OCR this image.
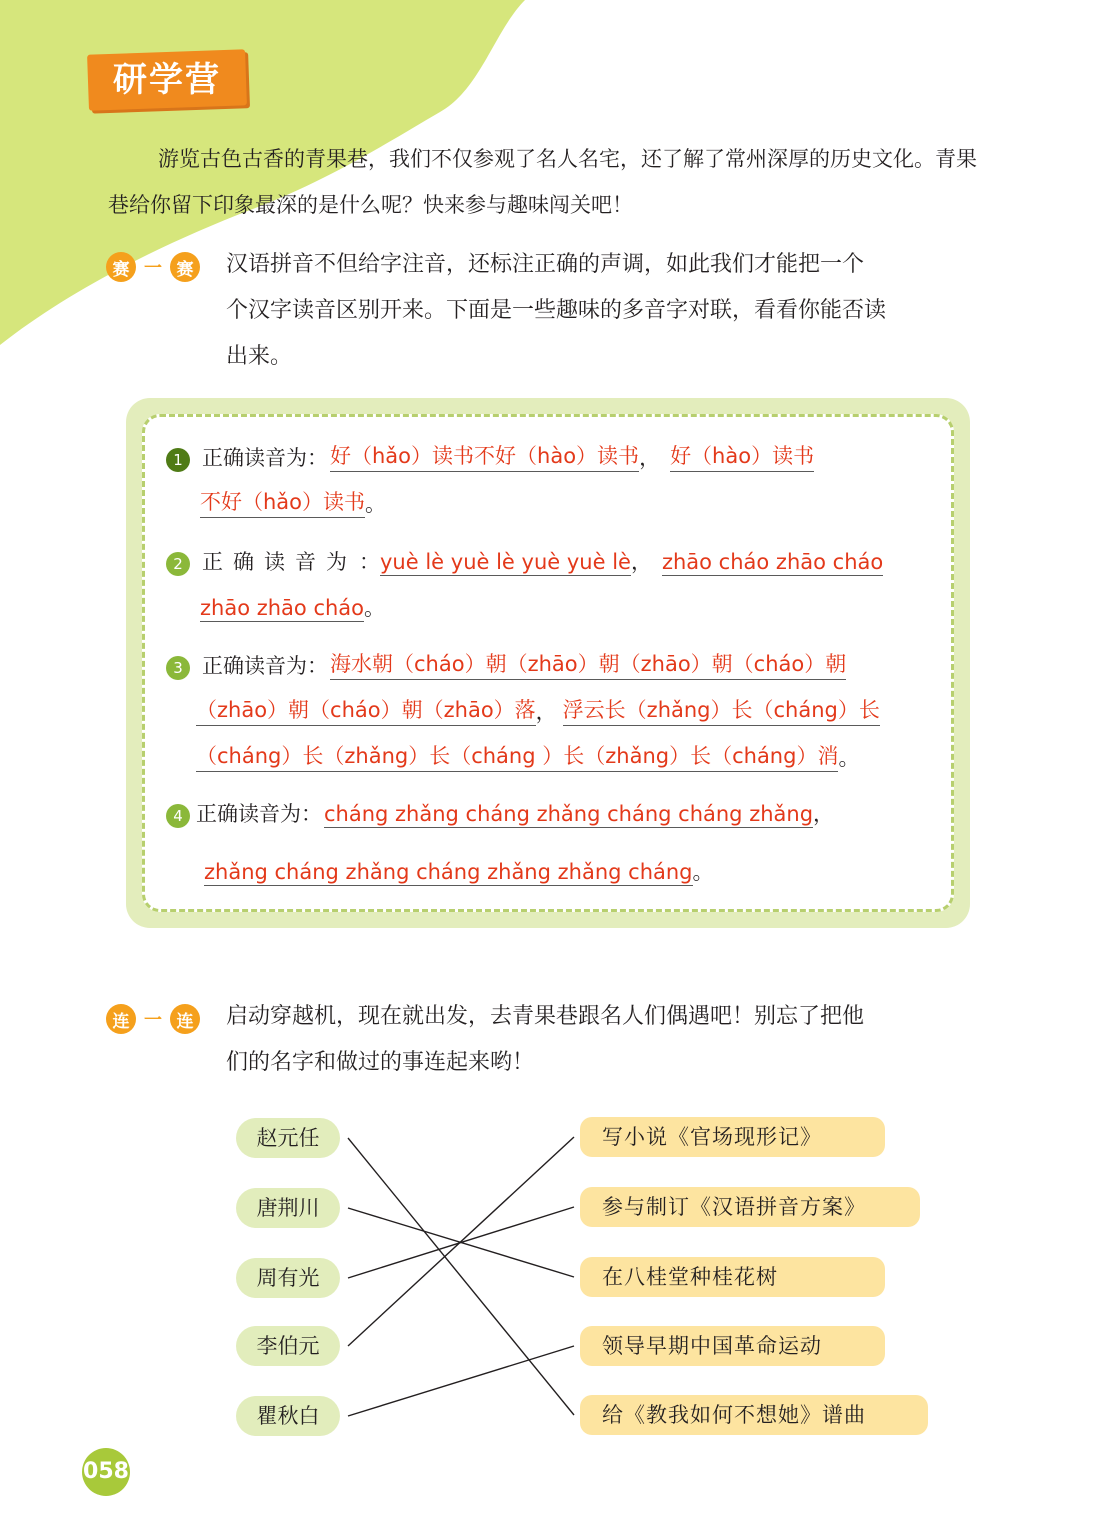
研学营

游览古色古香的青果巷，我们不仅参观了名人名宅，还了解了常州深厚的历史文化。青果巷给你留下印象最深的是什么呢？快来参与趣味闯关吧！

赛 一 赛 汉语拼音不但给字注音，还标注正确的声调，如此我们才能把一个
个汉字读音区别开来。下面是一些趣味的多音字对联，看看你能否读
出来。
1 正确读音为： 好（hǎo）读书不好（hào）读书 ， 好（hào）读书
不好（hǎo）读书 。
2 正确读音为 ： yuè lè yuè lè yuè yuè lè ， zhāo cháo zhāo cháo
zhāo zhāo cháo 。
3 正确读音为： 海水朝（cháo）朝（zhāo）朝（zhāo）朝（cháo）朝
（zhāo）朝（cháo）朝（zhāo）落 ， 浮云长（zhǎng）长（cháng）长
（cháng）长（zhǎng）长（cháng ）长（zhǎng）长（cháng）消 。
4 正确读音为： cháng zhǎng cháng zhǎng cháng cháng zhǎng ，
zhǎng cháng zhǎng cháng zhǎng zhǎng cháng 。
连 一 连 启动穿越机，现在就出发，去青果巷跟名人们偶遇吧！别忘了把他
们的名字和做过的事连起来哟！
赵元任
唐荆川
周有光
李伯元
瞿秋白
写小说《官场现形记》
参与制订《汉语拼音方案》
在八桂堂种桂花树
领导早期中国革命运动
给《教我如何不想她》谱曲
058
